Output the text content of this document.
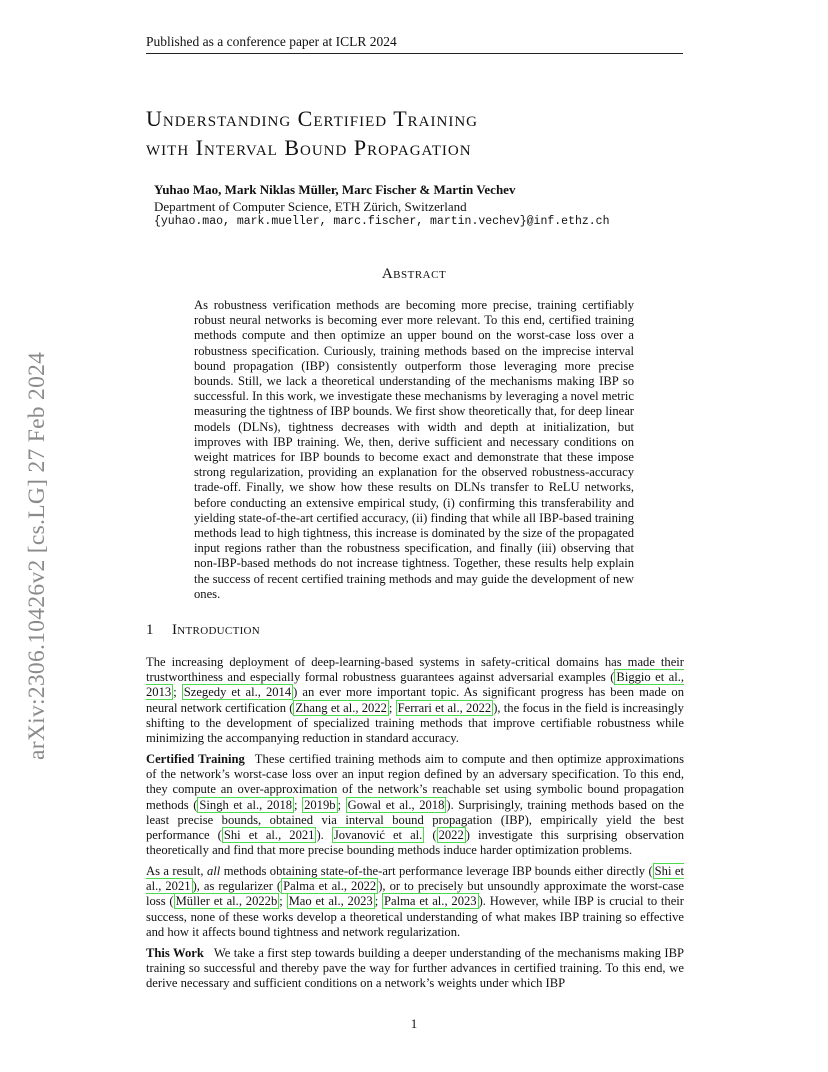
Published as a conference paper at ICLR 2024
Understanding Certified Training
with Interval Bound Propagation
Yuhao Mao, Mark Niklas Müller, Marc Fischer & Martin Vechev
Department of Computer Science, ETH Zürich, Switzerland
{yuhao.mao, mark.mueller, marc.fischer, martin.vechev}@inf.ethz.ch
Abstract
As robustness verification methods are becoming more precise, training certifiably robust neural networks is becoming ever more relevant. To this end, certified training methods compute and then optimize an upper bound on the worst-case loss over a robustness specification. Curiously, training methods based on the imprecise interval bound propagation (IBP) consistently outperform those leveraging more precise bounds. Still, we lack a theoretical understanding of the mechanisms making IBP so successful. In this work, we investigate these mechanisms by leveraging a novel metric measuring the tightness of IBP bounds. We first show theoretically that, for deep linear models (DLNs), tightness decreases with width and depth at initialization, but improves with IBP training. We, then, derive sufficient and necessary conditions on weight matrices for IBP bounds to become exact and demonstrate that these impose strong regularization, providing an explanation for the observed robustness-accuracy trade-off. Finally, we show how these results on DLNs transfer to ReLU networks, before conducting an extensive empirical study, (i) confirming this transferability and yielding state-of-the-art certified accuracy, (ii) finding that while all IBP-based training methods lead to high tightness, this increase is dominated by the size of the propagated input regions rather than the robustness specification, and finally (iii) observing that non-IBP-based methods do not increase tightness. Together, these results help explain the success of recent certified training methods and may guide the development of new ones.
1 Introduction
The increasing deployment of deep-learning-based systems in safety-critical domains has made their trustworthiness and especially formal robustness guarantees against adversarial examples ( Biggio et al., 2013 ; Szegedy et al., 2014 ) an ever more important topic. As significant progress has been made on neural network certification ( Zhang et al., 2022 ; Ferrari et al., 2022 ), the focus in the field is increasingly shifting to the development of specialized training methods that improve certifiable robustness while minimizing the accompanying reduction in standard accuracy.
Certified Training These certified training methods aim to compute and then optimize approximations of the network’s worst-case loss over an input region defined by an adversary specification. To this end, they compute an over-approximation of the network’s reachable set using symbolic bound propagation methods ( Singh et al., 2018 ; 2019b ; Gowal et al., 2018 ). Surprisingly, training methods based on the least precise bounds, obtained via interval bound propagation (IBP), empirically yield the best performance ( Shi et al., 2021 ). Jovanović et al. ( 2022 ) investigate this surprising observation theoretically and find that more precise bounding methods induce harder optimization problems.
As a result, all methods obtaining state-of-the-art performance leverage IBP bounds either directly ( Shi et al., 2021 ), as regularizer ( Palma et al., 2022 ), or to precisely but unsoundly approximate the worst-case loss ( Müller et al., 2022b ; Mao et al., 2023 ; Palma et al., 2023 ). However, while IBP is crucial to their success, none of these works develop a theoretical understanding of what makes IBP training so effective and how it affects bound tightness and network regularization.
This Work We take a first step towards building a deeper understanding of the mechanisms making IBP training so successful and thereby pave the way for further advances in certified training. To this end, we derive necessary and sufficient conditions on a network’s weights under which IBP
1
arXiv:2306.10426v2 [cs.LG] 27 Feb 2024
